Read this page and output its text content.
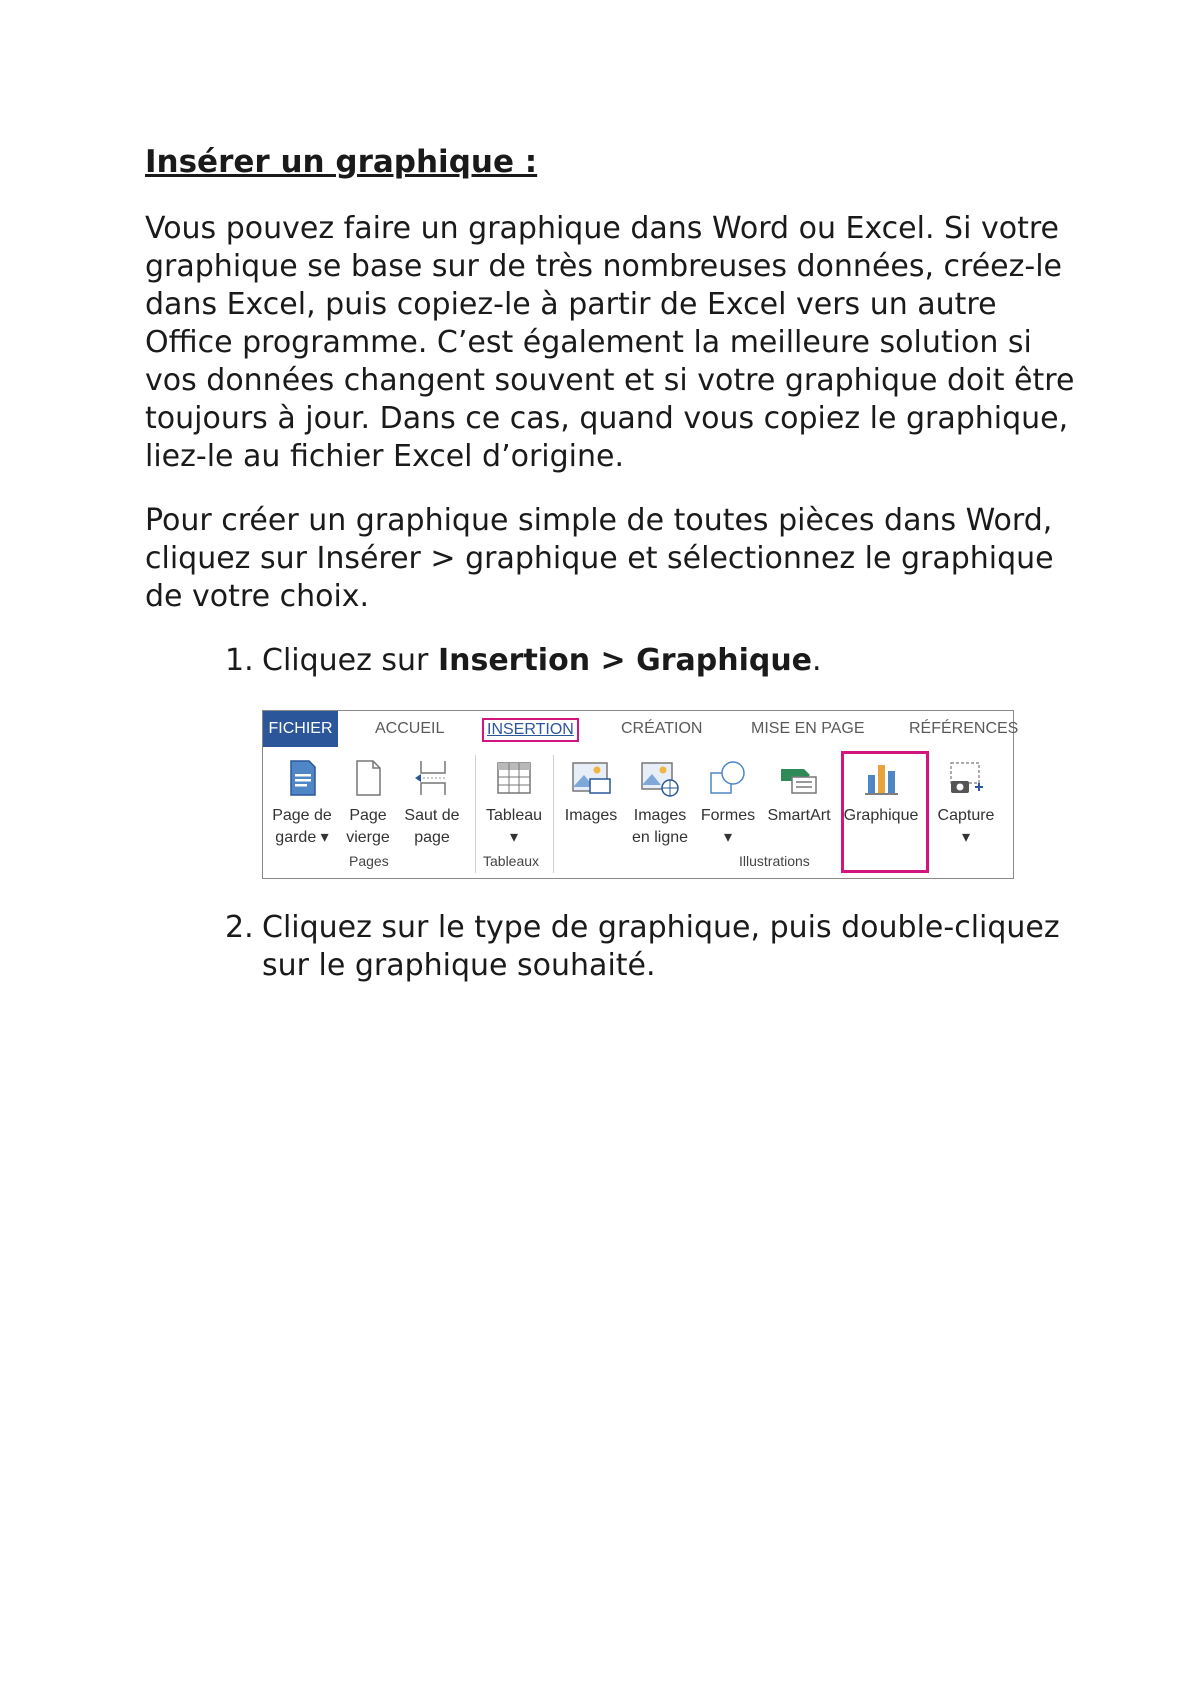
Insérer un graphique :

Vous pouvez faire un graphique dans Word ou Excel. Si votre graphique se base sur de très nombreuses données, créez-le dans Excel, puis copiez-le à partir de Excel vers un autre Office programme. C’est également la meilleure solution si vos données changent souvent et si votre graphique doit être toujours à jour. Dans ce cas, quand vous copiez le graphique, liez-le au fichier Excel d’origine.

Pour créer un graphique simple de toutes pièces dans Word, cliquez sur Insérer > graphique et sélectionnez le graphique de votre choix.

1. Cliquez sur Insertion > Graphique.
FICHIER	ACCUEIL	INSERTION	CRÉATION	MISE EN PAGE	RÉFÉRENCES
Page de
garde ▾
Page
vierge
Saut de
page
Pages
Tableau
▾
Tableaux
Images	Images
en ligne
Formes
▾
SmartArt Graphique	Capture
▾
Illustrations
2. Cliquez sur le type de graphique, puis double-cliquez sur le graphique souhaité.
